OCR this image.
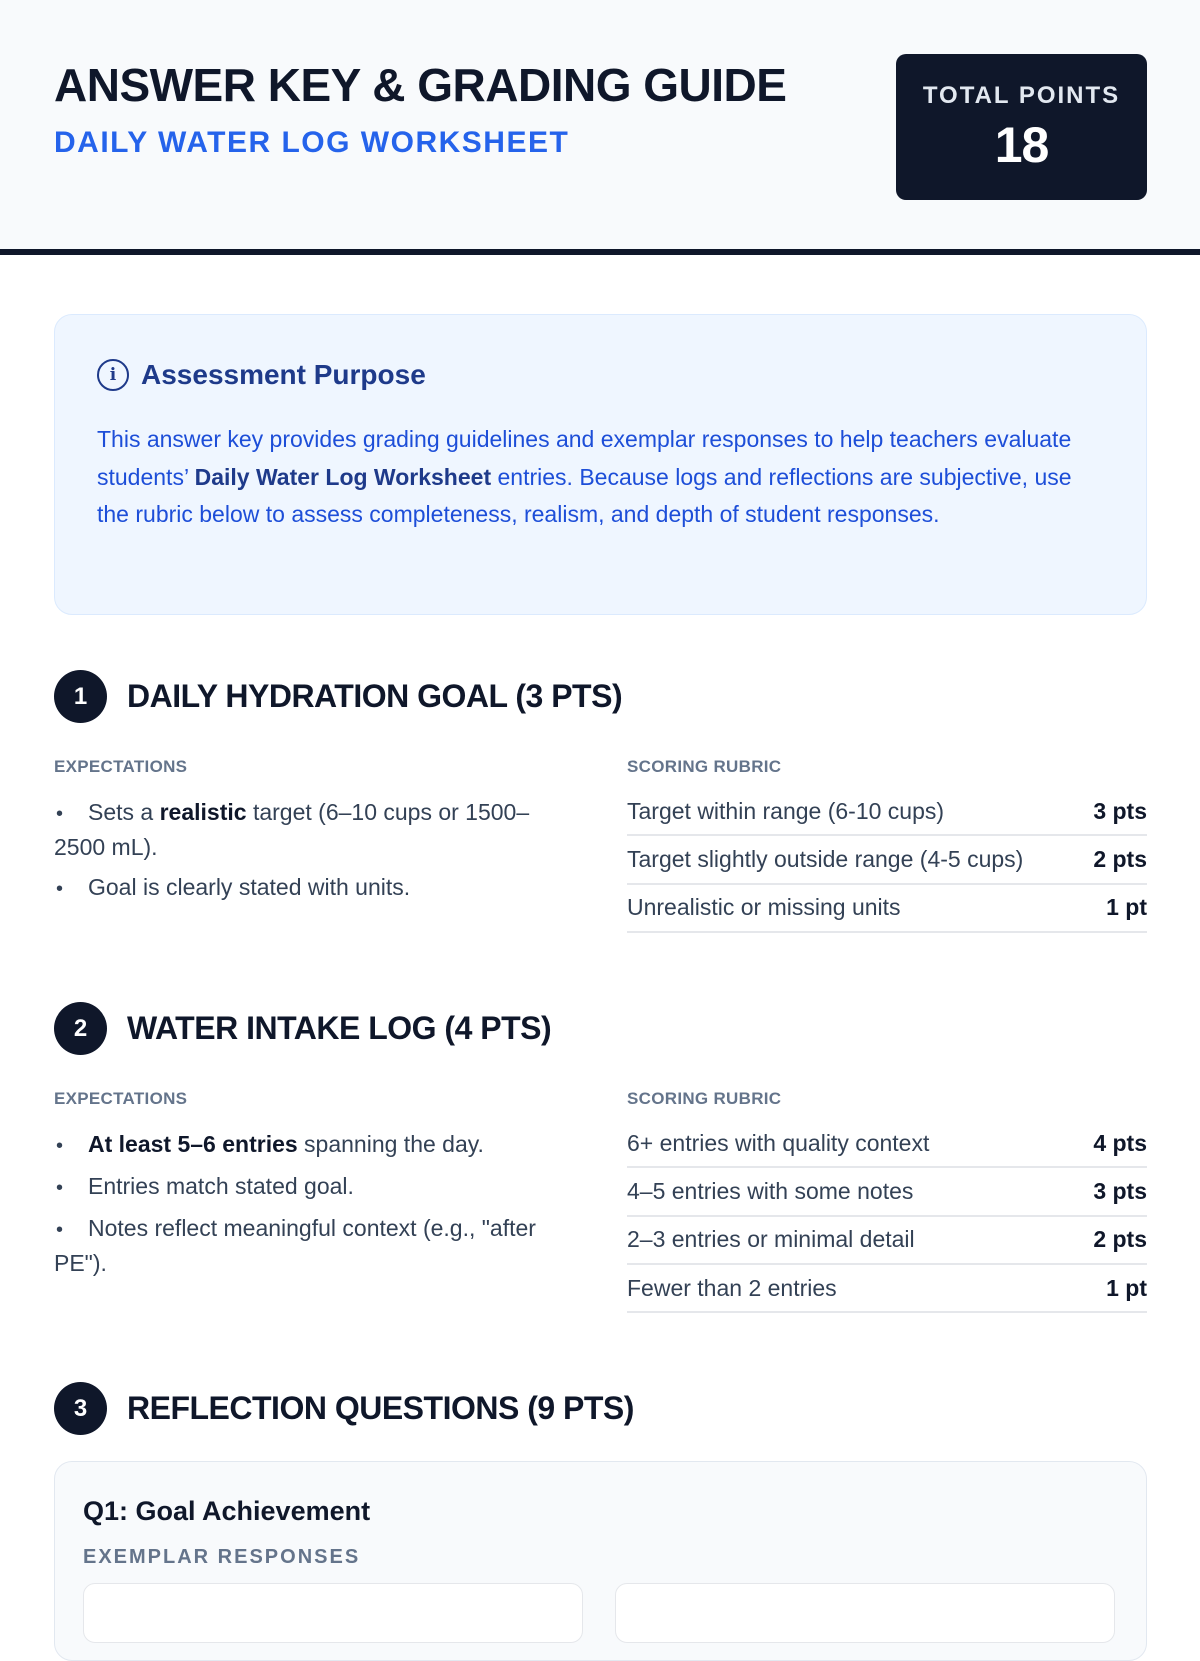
ANSWER KEY & GRADING GUIDE
DAILY WATER LOG WORKSHEET
TOTAL POINTS
18
i Assessment Purpose
This answer key provides grading guidelines and exemplar responses to help teachers evaluate students’ Daily Water Log Worksheet entries. Because logs and reflections are subjective, use the rubric below to assess completeness, realism, and depth of student responses.
1	DAILY HYDRATION GOAL (3 PTS)
EXPECTATIONS	SCORING RUBRIC
• Sets a realistic target (6–10 cups or 1500–2500 mL).
• Goal is clearly stated with units.
Target within range (6-10 cups)	3 pts
Target slightly outside range (4-5 cups)	2 pts
Unrealistic or missing units	1 pt
2	WATER INTAKE LOG (4 PTS)
EXPECTATIONS	SCORING RUBRIC
• At least 5–6 entries spanning the day.
• Entries match stated goal.
• Notes reflect meaningful context (e.g., "after PE").
6+ entries with quality context	4 pts
4–5 entries with some notes	3 pts
2–3 entries or minimal detail	2 pts
Fewer than 2 entries	1 pt
3	REFLECTION QUESTIONS (9 PTS)
Q1: Goal Achievement
EXEMPLAR RESPONSES
